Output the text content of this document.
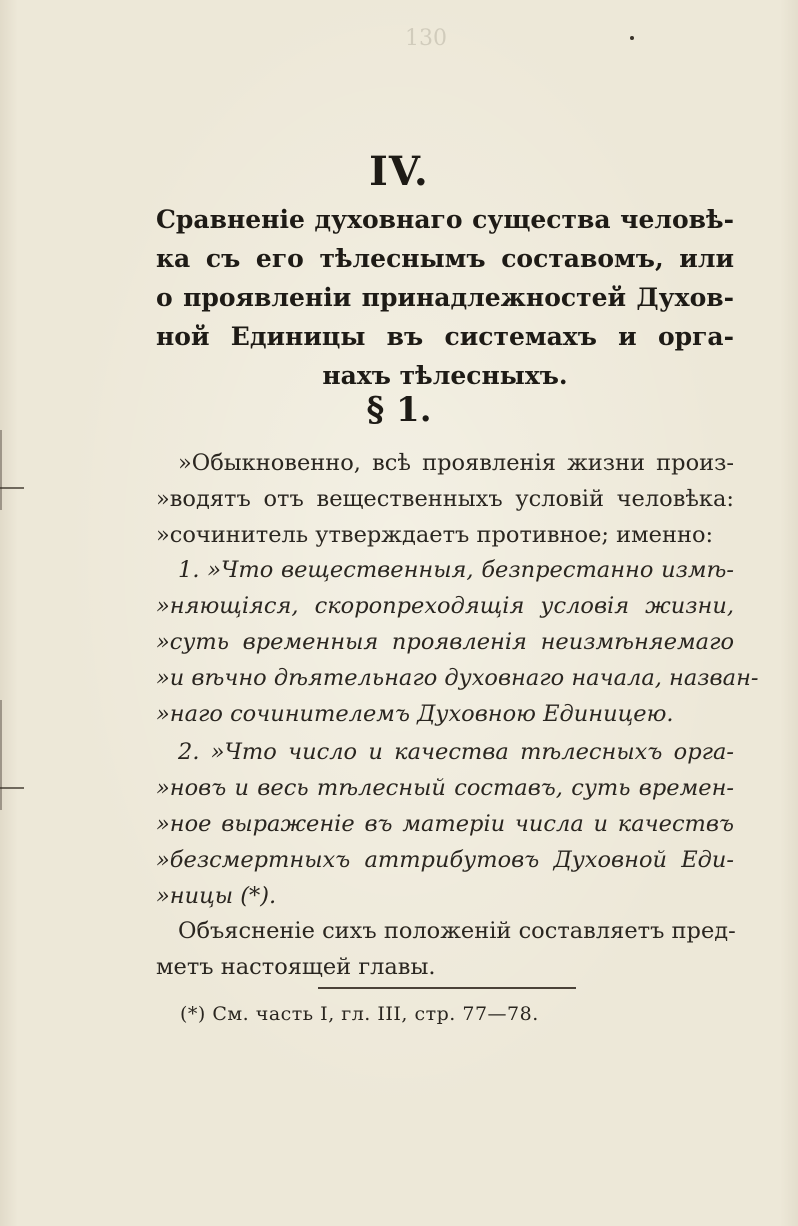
130
IV.
Сравненіе духовнаго существа человѣ-
ка съ его тѣлеснымъ составомъ, или
о проявленіи принадлежностей Духов-
ной Единицы въ системахъ и орга-
нахъ тѣлесныхъ.
§ 1.
»Обыкновенно, всѣ проявленія жизни произ-
»водятъ отъ вещественныхъ условій человѣка:
»сочинитель утверждаетъ противное; именно:
1. »Что вещественныя, безпрестанно измѣ-
»няющіяся, скоропреходящія условія жизни,
»суть временныя проявленія неизмѣняемаго
»и вѣчно дѣятельнаго духовнаго начала, назван-
»наго сочинителемъ Духовною Единицею.
2. »Что число и качества тѣлесныхъ орга-
»новъ и весь тѣлесный составъ, суть времен-
»ное выраженіе въ матеріи числа и качествъ
»безсмертныхъ аттрибутовъ Духовной Еди-
»ницы (*).
Объясненіе сихъ положеній составляетъ пред-
метъ настоящей главы.
(*) См. часть I, гл. III, стр. 77—78.
